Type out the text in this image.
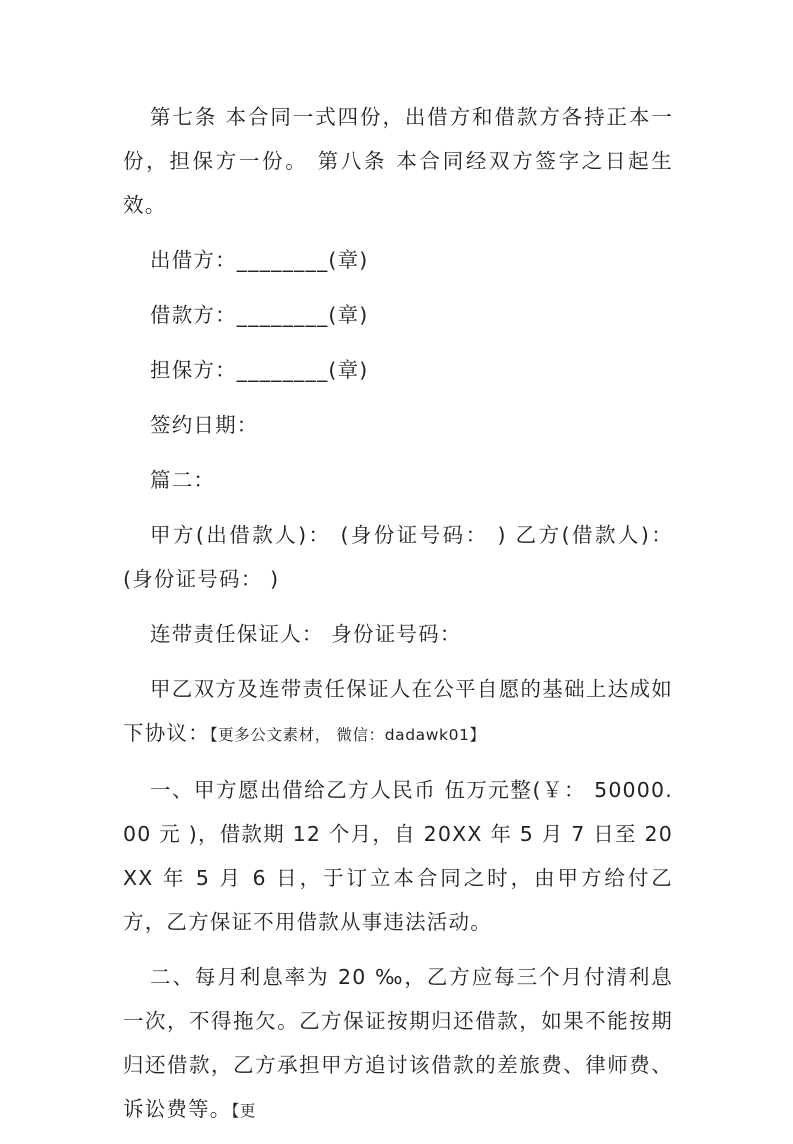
第七条 本合同一式四份，出借方和借款方各持正本一份，担保方一份。 第八条 本合同经双方签字之日起生效。

出借方：________(章)

借款方：________(章)

担保方：________(章)

签约日期：

篇二：

甲方(出借款人)： (身份证号码： ) 乙方(借款人)： (身份证号码： )

连带责任保证人： 身份证号码：

甲乙双方及连带责任保证人在公平自愿的基础上达成如下协议：【更多公文素材， 微信：dadawk01】

一、甲方愿出借给乙方人民币 伍万元整(￥： 50000.00 元 )，借款期 12 个月，自 20XX 年 5 月 7 日至 20XX 年 5 月 6 日，于订立本合同之时，由甲方给付乙方，乙方保证不用借款从事违法活动。

二、每月利息率为 20 ‰，乙方应每三个月付清利息一次，不得拖欠。乙方保证按期归还借款，如果不能按期归还借款，乙方承担甲方追讨该借款的差旅费、律师费、诉讼费等。【更
